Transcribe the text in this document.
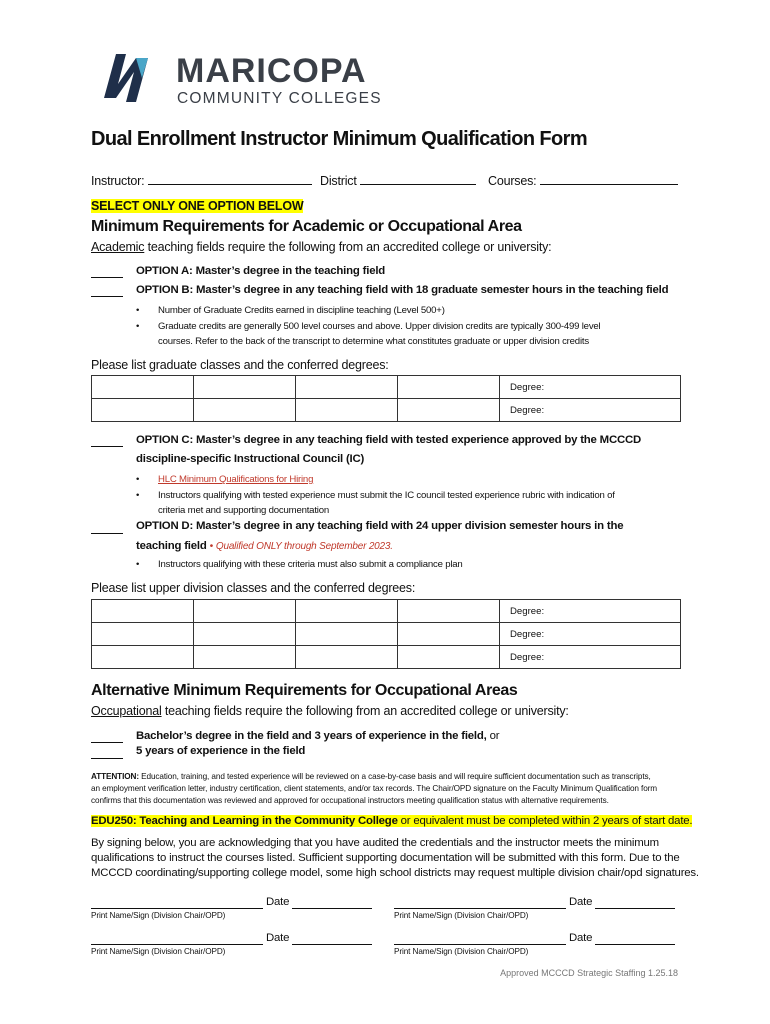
MARICOPA
COMMUNITY COLLEGES
Dual Enrollment Instructor Minimum Qualification Form
Instructor:	District	Courses:
SELECT ONLY ONE OPTION BELOW
Minimum Requirements for Academic or Occupational Area
Academic teaching fields require the following from an accredited college or university:
OPTION A: Master’s degree in the teaching field
OPTION B: Master’s degree in any teaching field with 18 graduate semester hours in the teaching field
• Number of Graduate Credits earned in discipline teaching (Level 500+)
• Graduate credits are generally 500 level courses and above. Upper division credits are typically 300-499 level
courses. Refer to the back of the transcript to determine what constitutes graduate or upper division credits
Please list graduate classes and the conferred degrees:
				Degree:
				Degree:
OPTION C: Master’s degree in any teaching field with tested experience approved by the MCCCD
discipline-specific Instructional Council (IC)
• HLC Minimum Qualifications for Hiring
• Instructors qualifying with tested experience must submit the IC council tested experience rubric with indication of
criteria met and supporting documentation
OPTION D: Master’s degree in any teaching field with 24 upper division semester hours in the
teaching field • Qualified ONLY through September 2023.
• Instructors qualifying with these criteria must also submit a compliance plan
Please list upper division classes and the conferred degrees:
				Degree:
				Degree:
				Degree:
Alternative Minimum Requirements for Occupational Areas
Occupational teaching fields require the following from an accredited college or university:
Bachelor’s degree in the field and 3 years of experience in the field, or
5 years of experience in the field
ATTENTION: Education, training, and tested experience will be reviewed on a case-by-case basis and will require sufficient documentation such as transcripts,
an employment verification letter, industry certification, client statements, and/or tax records. The Chair/OPD signature on the Faculty Minimum Qualification form
confirms that this documentation was reviewed and approved for occupational instructors meeting qualification status with alternative requirements.
EDU250: Teaching and Learning in the Community College or equivalent must be completed within 2 years of start date.
By signing below, you are acknowledging that you have audited the credentials and the instructor meets the minimum
qualifications to instruct the courses listed. Sufficient supporting documentation will be submitted with this form. Due to the
MCCCD coordinating/supporting college model, some high school districts may request multiple division chair/opd signatures.
Date
Print Name/Sign (Division Chair/OPD)
Date
Print Name/Sign (Division Chair/OPD)
Date
Print Name/Sign (Division Chair/OPD)
Date
Print Name/Sign (Division Chair/OPD)
Approved MCCCD Strategic Staffing 1.25.18
